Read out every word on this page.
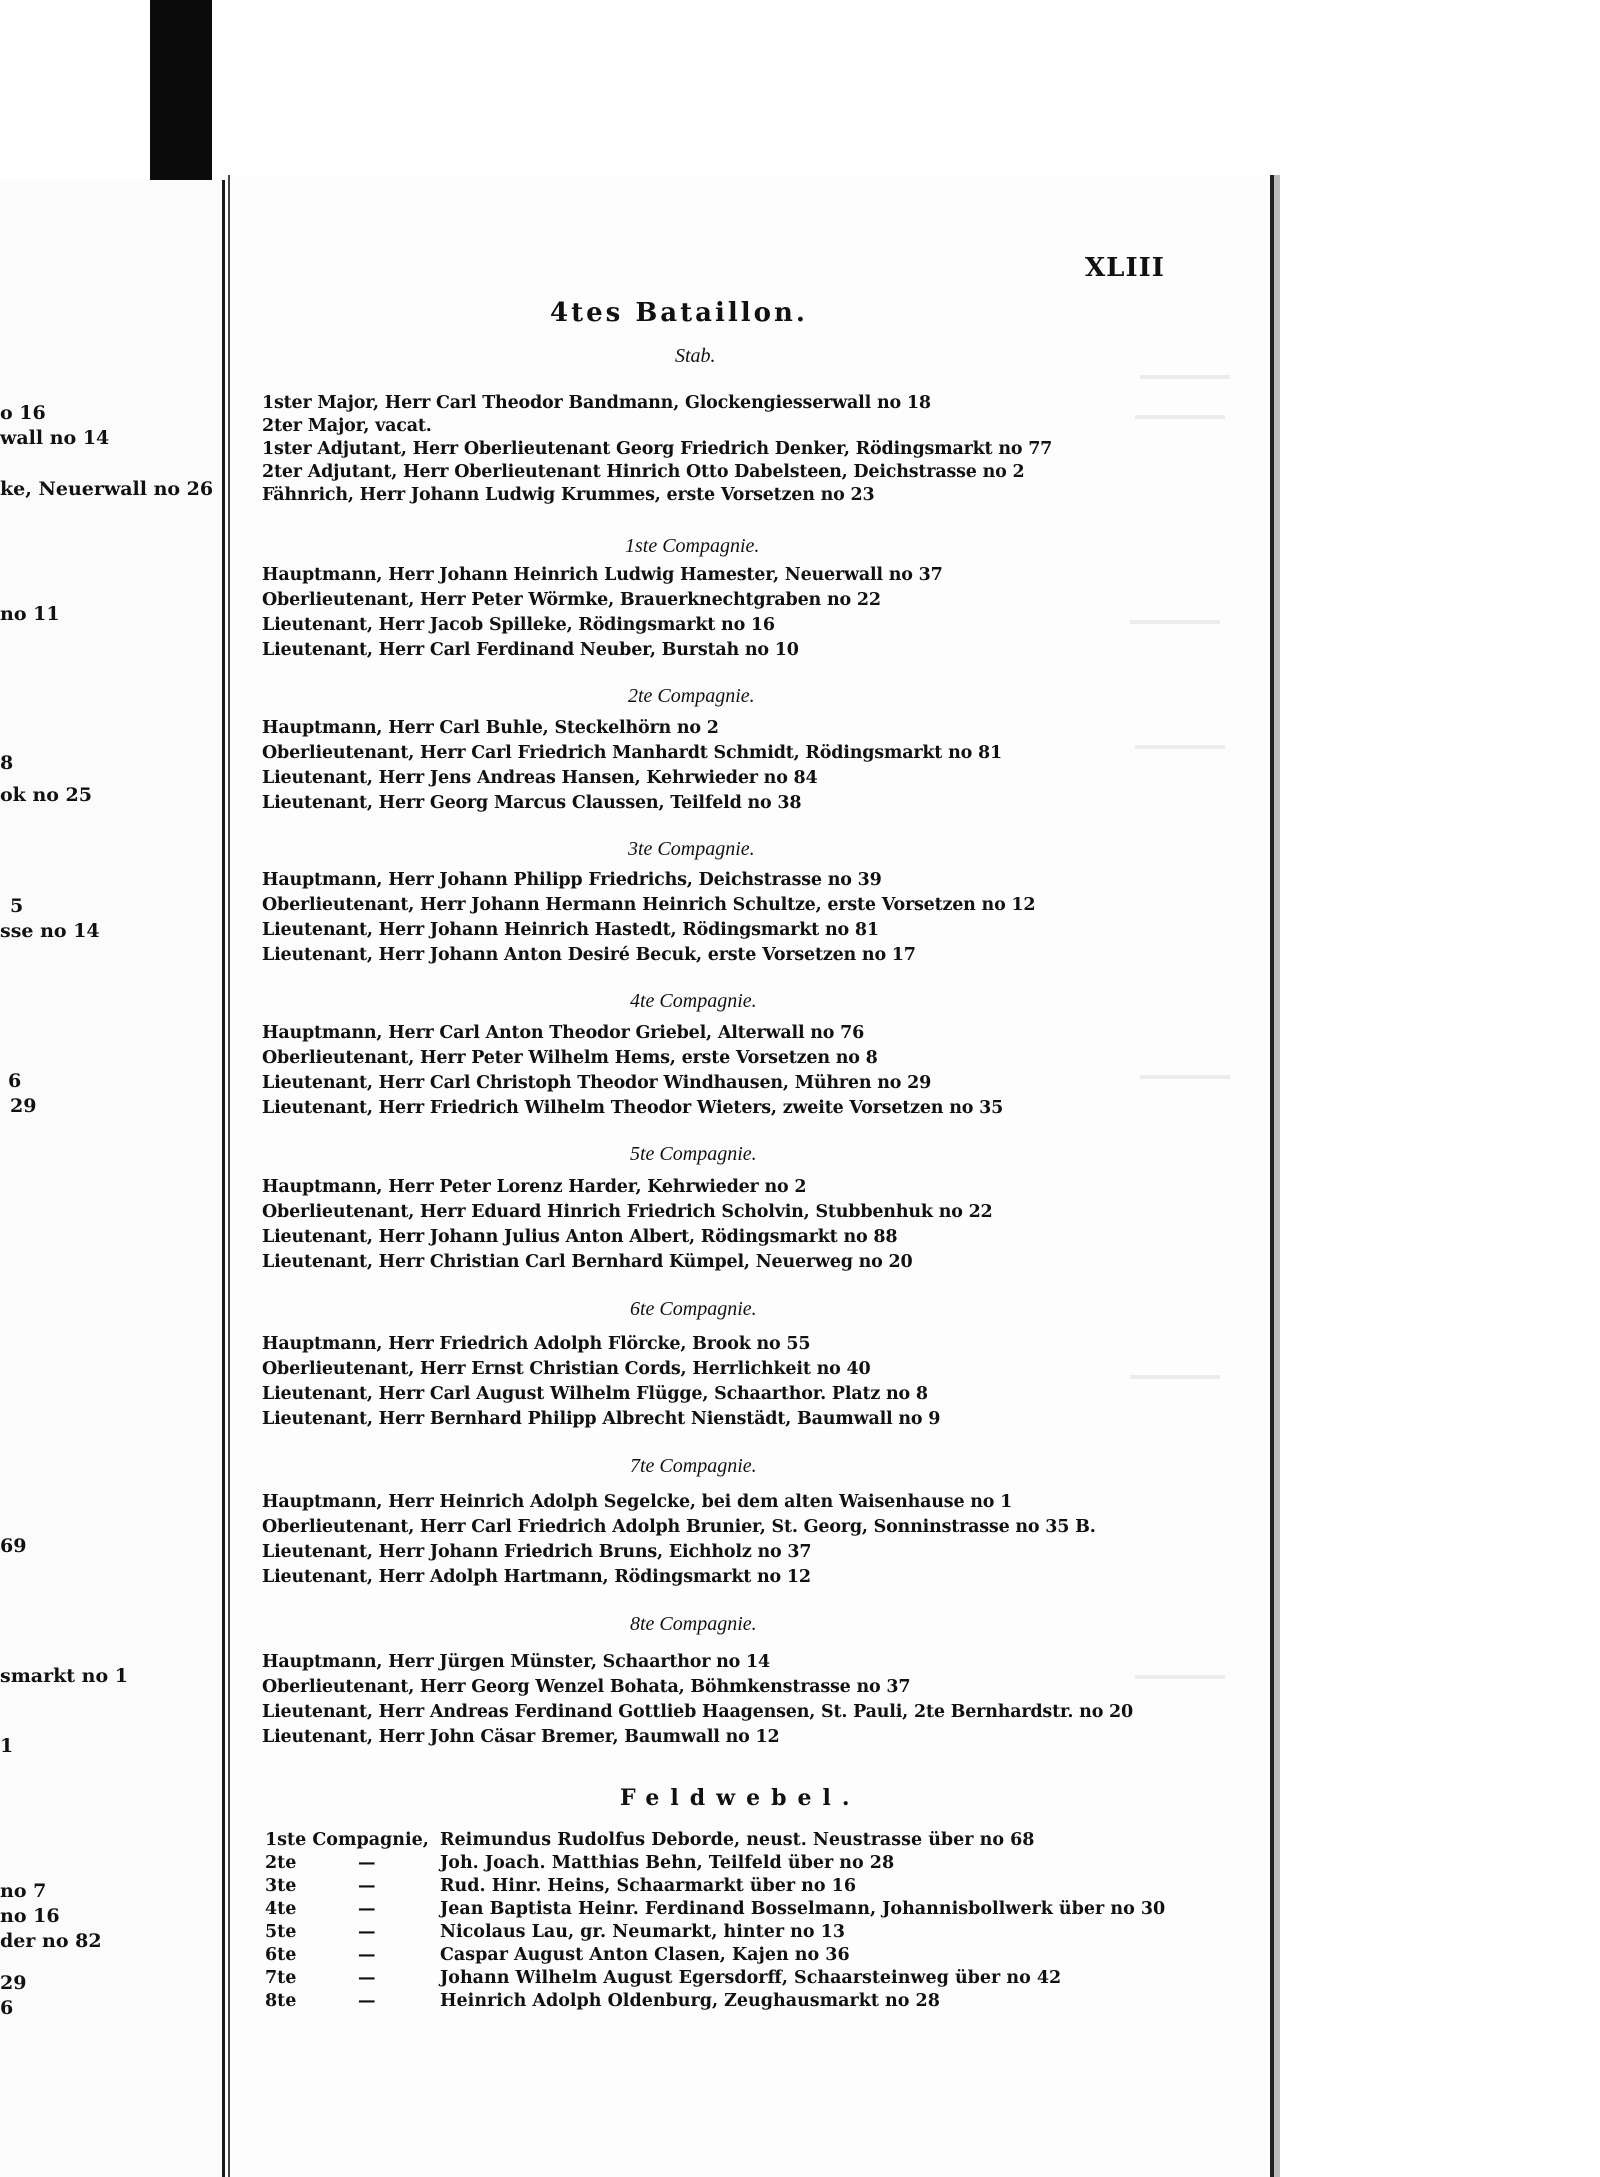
o 16
wall no 14
ke, Neuerwall no 26
no 11
8
ok no 25
5
sse no 14
6
29
69
smarkt no 1
1
no 7
no 16
der no 82
29
6
XLIII
4tes Bataillon.
Stab.
1ster Major, Herr Carl Theodor Bandmann, Glockengiesserwall no 18
2ter Major, vacat.
1ster Adjutant, Herr Oberlieutenant Georg Friedrich Denker, Rödingsmarkt no 77
2ter Adjutant, Herr Oberlieutenant Hinrich Otto Dabelsteen, Deichstrasse no 2
Fähnrich, Herr Johann Ludwig Krummes, erste Vorsetzen no 23
1ste Compagnie.
Hauptmann, Herr Johann Heinrich Ludwig Hamester, Neuerwall no 37
Oberlieutenant, Herr Peter Wörmke, Brauerknechtgraben no 22
Lieutenant, Herr Jacob Spilleke, Rödingsmarkt no 16
Lieutenant, Herr Carl Ferdinand Neuber, Burstah no 10
2te Compagnie.
Hauptmann, Herr Carl Buhle, Steckelhörn no 2
Oberlieutenant, Herr Carl Friedrich Manhardt Schmidt, Rödingsmarkt no 81
Lieutenant, Herr Jens Andreas Hansen, Kehrwieder no 84
Lieutenant, Herr Georg Marcus Claussen, Teilfeld no 38
3te Compagnie.
Hauptmann, Herr Johann Philipp Friedrichs, Deichstrasse no 39
Oberlieutenant, Herr Johann Hermann Heinrich Schultze, erste Vorsetzen no 12
Lieutenant, Herr Johann Heinrich Hastedt, Rödingsmarkt no 81
Lieutenant, Herr Johann Anton Desiré Becuk, erste Vorsetzen no 17
4te Compagnie.
Hauptmann, Herr Carl Anton Theodor Griebel, Alterwall no 76
Oberlieutenant, Herr Peter Wilhelm Hems, erste Vorsetzen no 8
Lieutenant, Herr Carl Christoph Theodor Windhausen, Mühren no 29
Lieutenant, Herr Friedrich Wilhelm Theodor Wieters, zweite Vorsetzen no 35
5te Compagnie.
Hauptmann, Herr Peter Lorenz Harder, Kehrwieder no 2
Oberlieutenant, Herr Eduard Hinrich Friedrich Scholvin, Stubbenhuk no 22
Lieutenant, Herr Johann Julius Anton Albert, Rödingsmarkt no 88
Lieutenant, Herr Christian Carl Bernhard Kümpel, Neuerweg no 20
6te Compagnie.
Hauptmann, Herr Friedrich Adolph Flörcke, Brook no 55
Oberlieutenant, Herr Ernst Christian Cords, Herrlichkeit no 40
Lieutenant, Herr Carl August Wilhelm Flügge, Schaarthor. Platz no 8
Lieutenant, Herr Bernhard Philipp Albrecht Nienstädt, Baumwall no 9
7te Compagnie.
Hauptmann, Herr Heinrich Adolph Segelcke, bei dem alten Waisenhause no 1
Oberlieutenant, Herr Carl Friedrich Adolph Brunier, St. Georg, Sonninstrasse no 35 B.
Lieutenant, Herr Johann Friedrich Bruns, Eichholz no 37
Lieutenant, Herr Adolph Hartmann, Rödingsmarkt no 12
8te Compagnie.
Hauptmann, Herr Jürgen Münster, Schaarthor no 14
Oberlieutenant, Herr Georg Wenzel Bohata, Böhmkenstrasse no 37
Lieutenant, Herr Andreas Ferdinand Gottlieb Haagensen, St. Pauli, 2te Bernhardstr. no 20
Lieutenant, Herr John Cäsar Bremer, Baumwall no 12
Feldwebel.
1ste Compagnie, Reimundus Rudolfus Deborde, neust. Neustrasse über no 68
2te	—	Joh. Joach. Matthias Behn, Teilfeld über no 28
3te	—	Rud. Hinr. Heins, Schaarmarkt über no 16
4te	—	Jean Baptista Heinr. Ferdinand Bosselmann, Johannisbollwerk über no 30
5te	—	Nicolaus Lau, gr. Neumarkt, hinter no 13
6te	—	Caspar August Anton Clasen, Kajen no 36
7te	—	Johann Wilhelm August Egersdorff, Schaarsteinweg über no 42
8te	—	Heinrich Adolph Oldenburg, Zeughausmarkt no 28
